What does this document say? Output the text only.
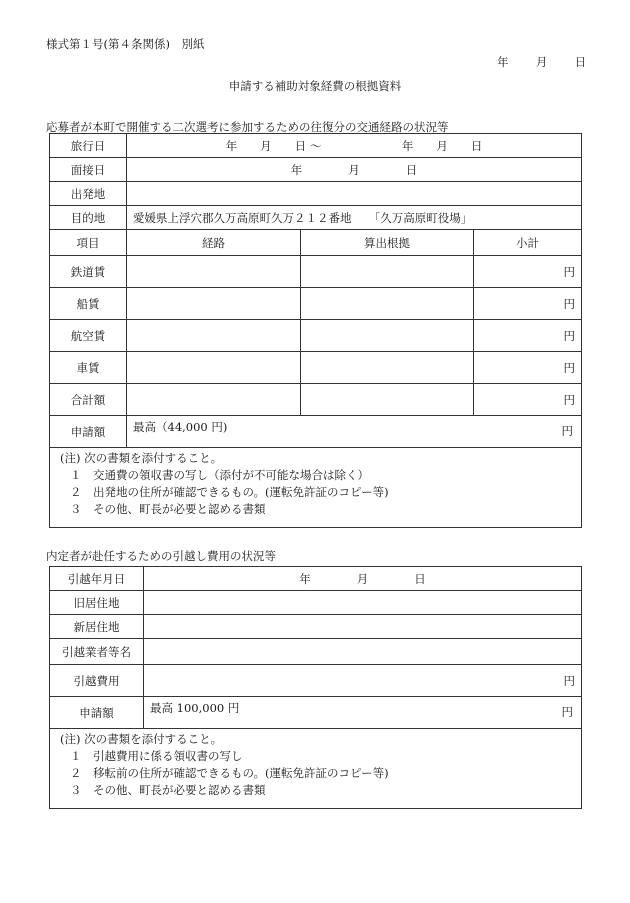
様式第１号(第４条関係)　別紙
年 月 日
申請する補助対象経費の根拠資料
応募者が本町で開催する二次選考に参加するための往復分の交通経路の状況等
旅行日	年　　月　　日 ～　　　　　　　年　　月　　日		
面接日	年　　　　月　　　　日		
出発地			
目的地	愛媛県上浮穴郡久万高原町久万２１２番地　　「久万高原町役場」		
項目	経路	算出根拠	小計
鉄道賃			円
船賃			円
航空賃			円
車賃			円
合計額			円
申請額	最高（44,000 円) 円		

(注) 次の書類を添付すること。
１　交通費の領収書の写し（添付が不可能な場合は除く）
２　出発地の住所が確認できるもの。(運転免許証のコピー等)
３　その他、町長が必要と認める書類			
内定者が赴任するための引越し費用の状況等
引越年月日	年　　　　月　　　　日
旧居住地	
新居住地	
引越業者等名	
引越費用	円
申請額	最高 100,000 円 円

(注) 次の書類を添付すること。
１　引越費用に係る領収書の写し
２　移転前の住所が確認できるもの。(運転免許証のコピー等)
３　その他、町長が必要と認める書類	
